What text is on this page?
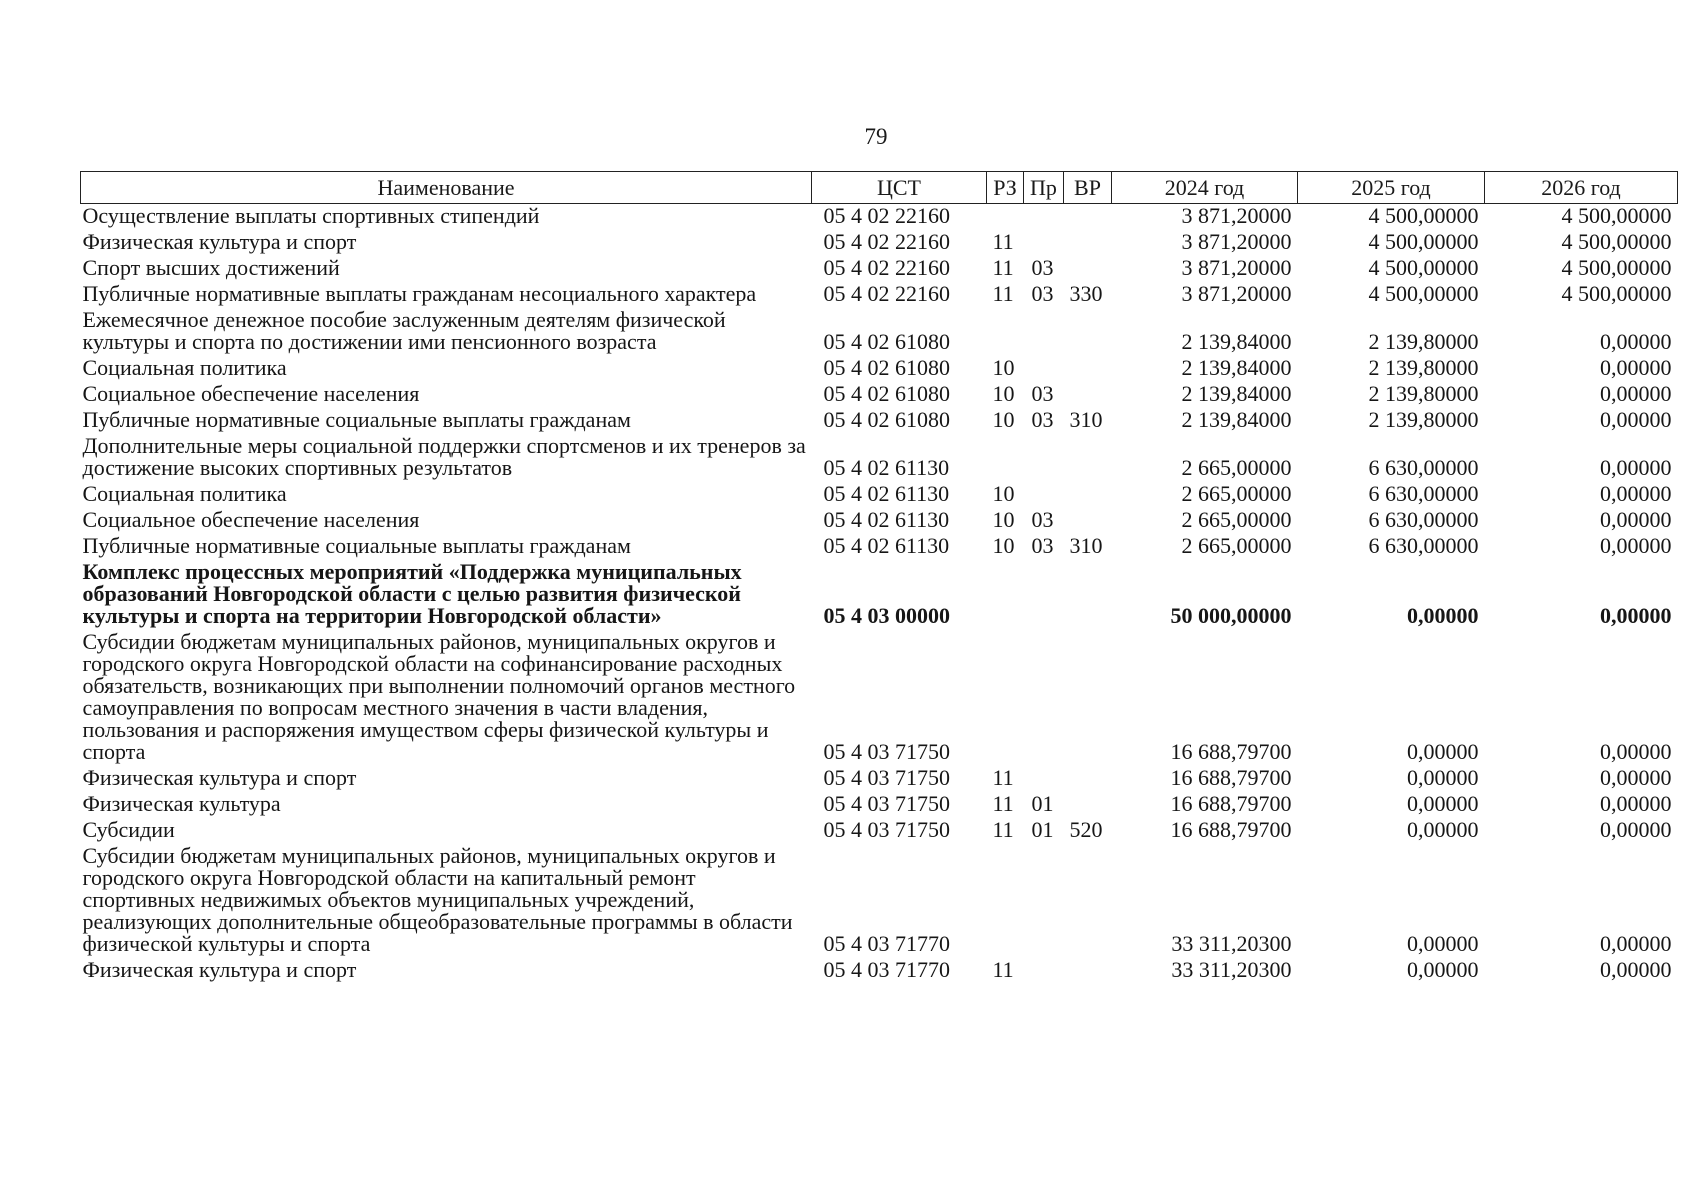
79
Наименование	ЦСТ	РЗ	Пр	ВР	2024 год	2025 год	2026 год
Осуществление выплаты спортивных стипендий	05 4 02 22160				3 871,20000	4 500,00000	4 500,00000
Физическая культура и спорт	05 4 02 22160	11			3 871,20000	4 500,00000	4 500,00000
Спорт высших достижений	05 4 02 22160	11	03		3 871,20000	4 500,00000	4 500,00000
Публичные нормативные выплаты гражданам несоциального характера	05 4 02 22160	11	03	330	3 871,20000	4 500,00000	4 500,00000
Ежемесячное денежное пособие заслуженным деятелям физической культуры и спорта по достижении ими пенсионного возраста	05 4 02 61080				2 139,84000	2 139,80000	0,00000
Социальная политика	05 4 02 61080	10			2 139,84000	2 139,80000	0,00000
Социальное обеспечение населения	05 4 02 61080	10	03		2 139,84000	2 139,80000	0,00000
Публичные нормативные социальные выплаты гражданам	05 4 02 61080	10	03	310	2 139,84000	2 139,80000	0,00000
Дополнительные меры социальной поддержки спортсменов и их тренеров за достижение высоких спортивных результатов	05 4 02 61130				2 665,00000	6 630,00000	0,00000
Социальная политика	05 4 02 61130	10			2 665,00000	6 630,00000	0,00000
Социальное обеспечение населения	05 4 02 61130	10	03		2 665,00000	6 630,00000	0,00000
Публичные нормативные социальные выплаты гражданам	05 4 02 61130	10	03	310	2 665,00000	6 630,00000	0,00000
Комплекс процессных мероприятий «Поддержка муниципальных образований Новгородской области с целью развития физической культуры и спорта на территории Новгородской области»	05 4 03 00000				50 000,00000	0,00000	0,00000
Субсидии бюджетам муниципальных районов, муниципальных округов и городского округа Новгородской области на софинансирование расходных обязательств, возникающих при выполнении полномочий органов местного самоуправления по вопросам местного значения в части владения, пользования и распоряжения имуществом сферы физической культуры и спорта	05 4 03 71750				16 688,79700	0,00000	0,00000
Физическая культура и спорт	05 4 03 71750	11			16 688,79700	0,00000	0,00000
Физическая культура	05 4 03 71750	11	01		16 688,79700	0,00000	0,00000
Субсидии	05 4 03 71750	11	01	520	16 688,79700	0,00000	0,00000
Субсидии бюджетам муниципальных районов, муниципальных округов и городского округа Новгородской области на капитальный ремонт спортивных недвижимых объектов муниципальных учреждений, реализующих дополнительные общеобразовательные программы в области физической культуры и спорта	05 4 03 71770				33 311,20300	0,00000	0,00000
Физическая культура и спорт	05 4 03 71770	11			33 311,20300	0,00000	0,00000
